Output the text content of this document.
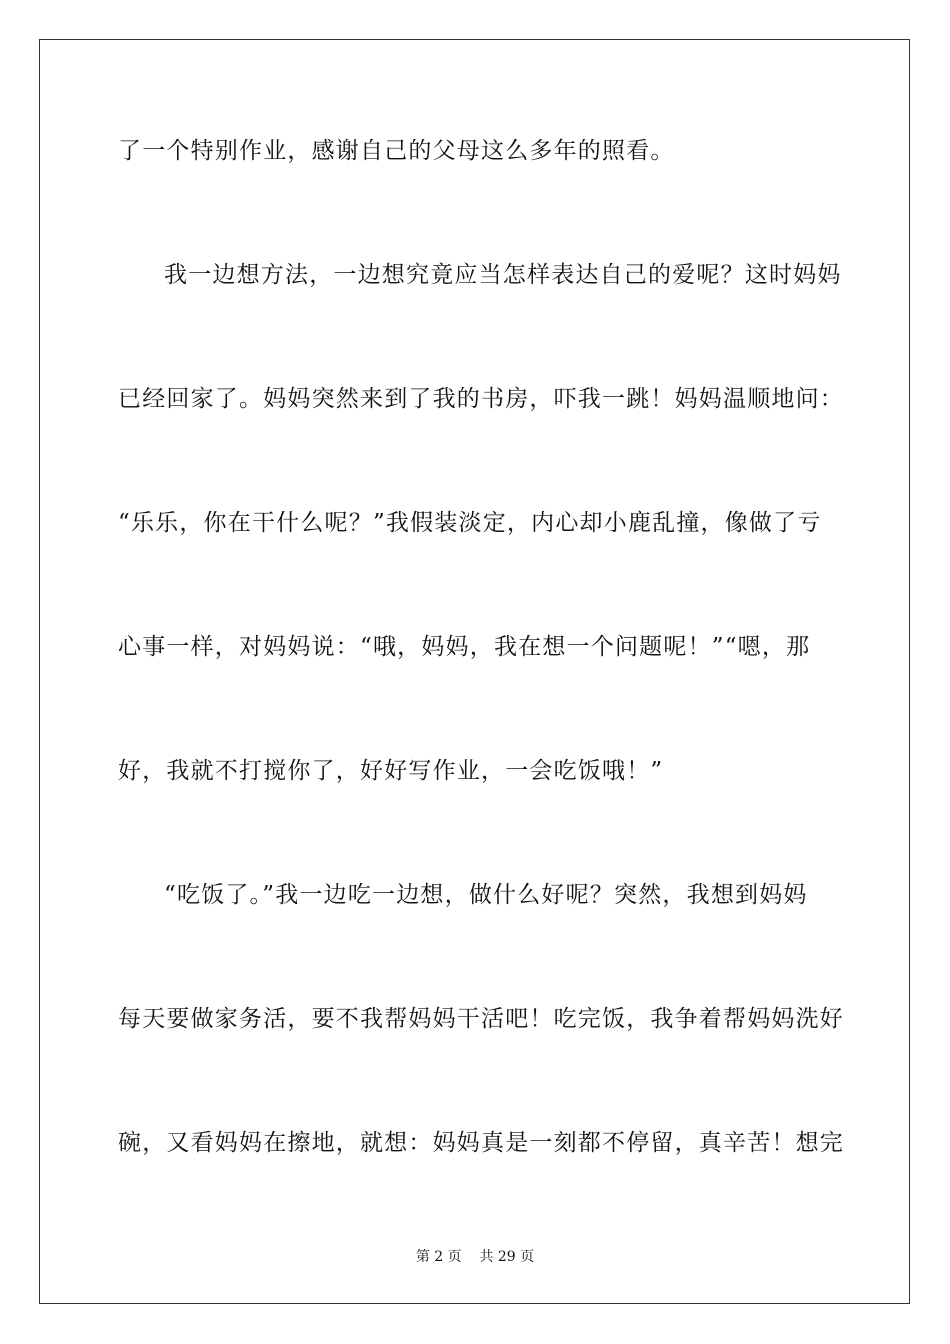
了一个特别作业，感谢自己的父母这么多年的照看。
我一边想方法，一边想究竟应当怎样表达自己的爱呢？这时妈妈
已经回家了。妈妈突然来到了我的书房，吓我一跳！妈妈温顺地问：
“乐乐，你在干什么呢？”我假装淡定，内心却小鹿乱撞，像做了亏
心事一样，对妈妈说：“哦，妈妈，我在想一个问题呢！”“嗯，那
好，我就不打搅你了，好好写作业，一会吃饭哦！”
“吃饭了。”我一边吃一边想，做什么好呢？突然，我想到妈妈
每天要做家务活，要不我帮妈妈干活吧！吃完饭，我争着帮妈妈洗好
碗，又看妈妈在擦地，就想：妈妈真是一刻都不停留，真辛苦！想完
第 2 页 共 29 页
